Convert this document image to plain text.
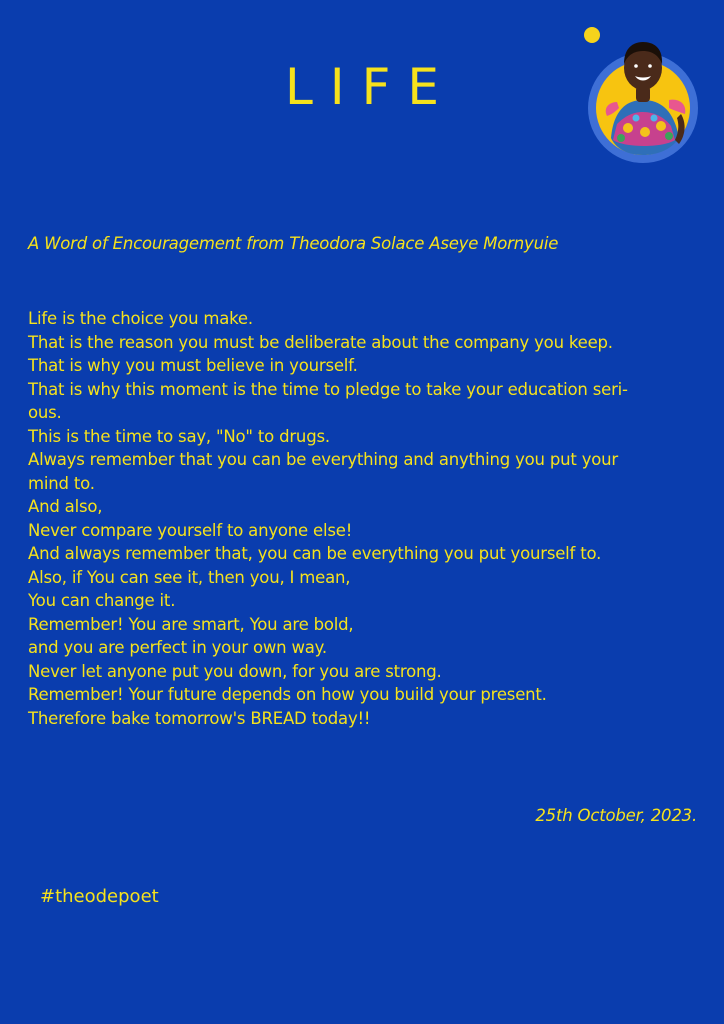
LIFE
A Word of Encouragement from Theodora Solace Aseye Mornyuie
Life is the choice you make.
That is the reason you must be deliberate about the company you keep.
That is why you must believe in yourself.
That is why this moment is the time to pledge to take your education seri-
ous.
This is the time to say, "No" to drugs.
Always remember that you can be everything and anything you put your
mind to.
And also,
Never compare yourself to anyone else!
And always remember that, you can be everything you put yourself to.
Also, if You can see it, then you, I mean,
You can change it.
Remember! You are smart, You are bold,
and you are perfect in your own way.
Never let anyone put you down, for you are strong.
Remember! Your future depends on how you build your present.
Therefore bake tomorrow's BREAD today!!
25th October, 2023.
#theodepoet
